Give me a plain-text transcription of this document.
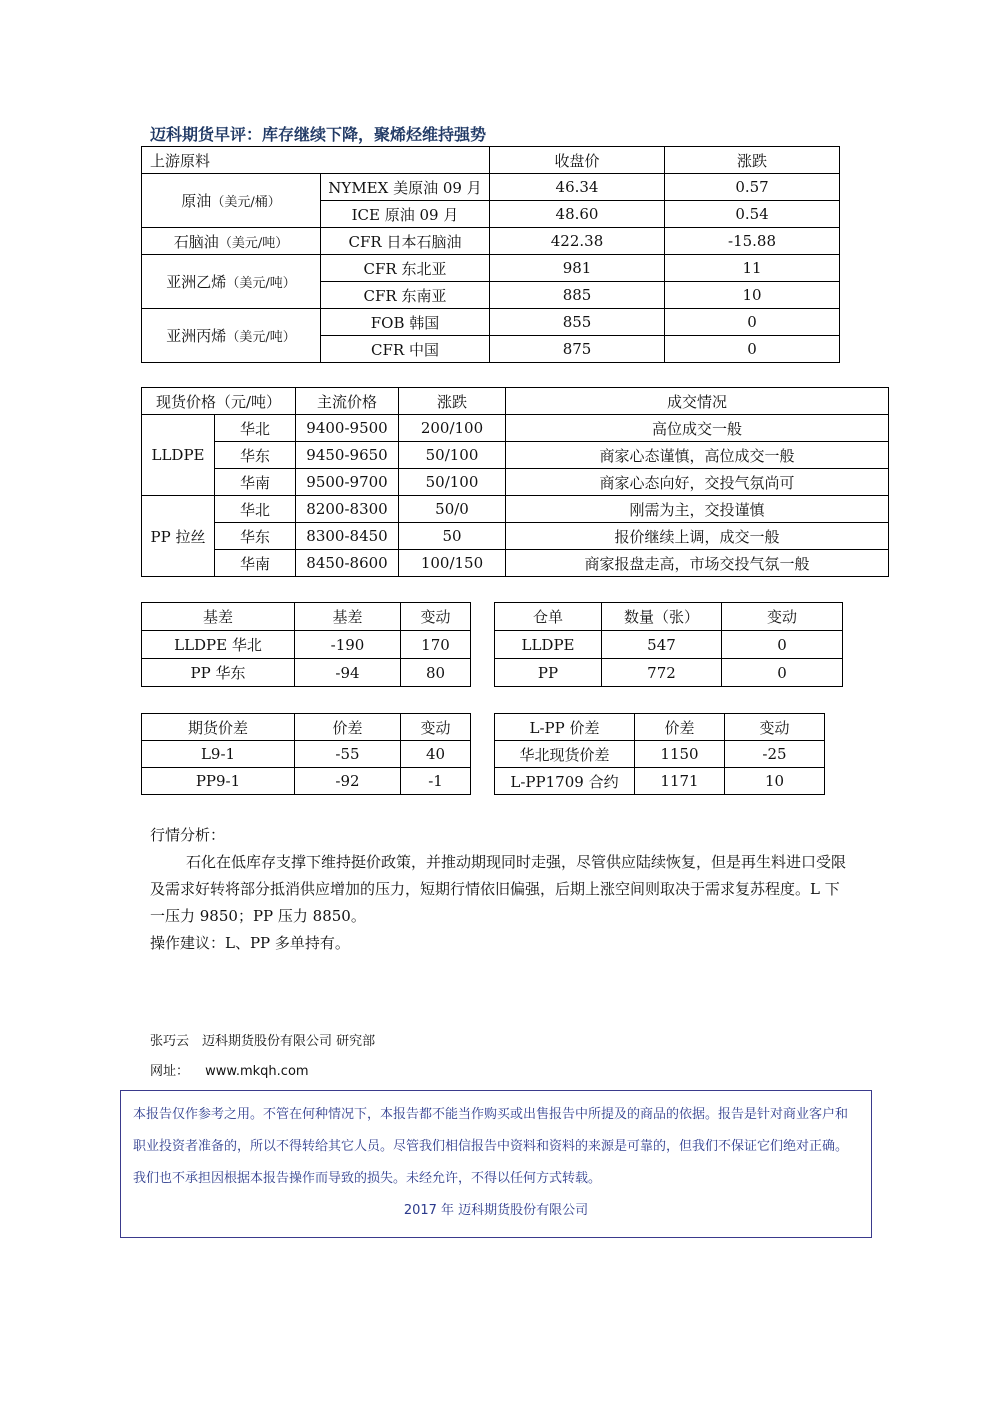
迈科期货早评：库存继续下降，聚烯烃维持强势
上游原料		收盘价	涨跌
原油（美元/桶）	NYMEX 美原油 09 月	46.34	0.57
	ICE 原油 09 月	48.60	0.54
石脑油（美元/吨）	CFR 日本石脑油	422.38	-15.88
亚洲乙烯（美元/吨）	CFR 东北亚	981	11
	CFR 东南亚	885	10
亚洲丙烯（美元/吨）	FOB 韩国	855	0
	CFR 中国	875	0
现货价格（元/吨）		主流价格	涨跌	成交情况
LLDPE	华北	9400-9500	200/100	高位成交一般
	华东	9450-9650	50/100	商家心态谨慎，高位成交一般
	华南	9500-9700	50/100	商家心态向好，交投气氛尚可
PP 拉丝	华北	8200-8300	50/0	刚需为主，交投谨慎
	华东	8300-8450	50	报价继续上调，成交一般
	华南	8450-8600	100/150	商家报盘走高，市场交投气氛一般
基差	基差	变动
LLDPE 华北	-190	170
PP 华东	-94	80
仓单	数量（张）	变动
LLDPE	547	0
PP	772	0
期货价差	价差	变动
L9-1	-55	40
PP9-1	-92	-1
L-PP 价差	价差	变动
华北现货价差	1150	-25
L-PP1709 合约	1171	10

行情分析：

石化在低库存支撑下维持挺价政策，并推动期现同时走强，尽管供应陆续恢复，但是再生料进口受限及需求好转将部分抵消供应增加的压力，短期行情依旧偏强，后期上涨空间则取决于需求复苏程度。L 下一压力 9850；PP 压力 8850。

操作建议：L、PP 多单持有。

张巧云　迈科期货股份有限公司 研究部
网址： www.mkqh.com
本报告仅作参考之用。不管在何种情况下，本报告都不能当作购买或出售报告中所提及的商品的依据。报告是针对商业客户和职业投资者准备的，所以不得转给其它人员。尽管我们相信报告中资料和资料的来源是可靠的，但我们不保证它们绝对正确。我们也不承担因根据本报告操作而导致的损失。未经允许，不得以任何方式转载。
2017 年 迈科期货股份有限公司
